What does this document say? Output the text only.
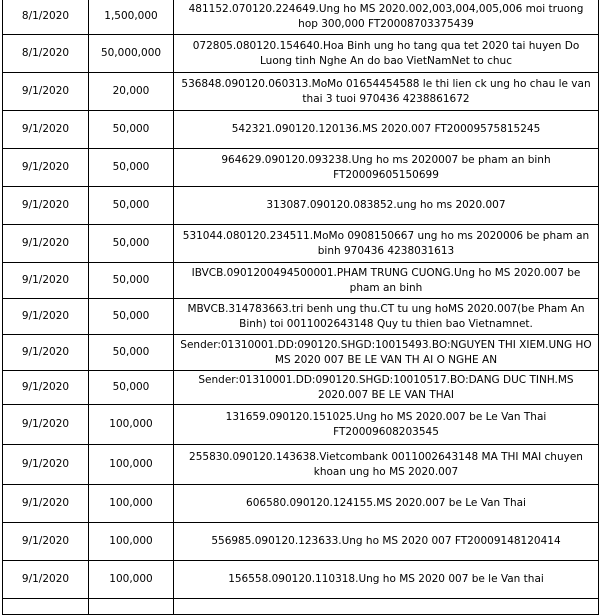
8/1/2020	1,500,000	481152.070120.224649.Ung ho MS 2020.002,003,004,005,006 moi truong hop 300,000 FT20008703375439
8/1/2020	50,000,000	072805.080120.154640.Hoa Binh ung ho tang qua tet 2020 tai huyen Do Luong tinh Nghe An do bao VietNamNet to chuc
9/1/2020	20,000	536848.090120.060313.MoMo 01654454588 le thi lien ck ung ho chau le van thai 3 tuoi 970436 4238861672
9/1/2020	50,000	542321.090120.120136.MS 2020.007 FT20009575815245
9/1/2020	50,000	964629.090120.093238.Ung ho ms 2020007 be pham an binh FT20009605150699
9/1/2020	50,000	313087.090120.083852.ung ho ms 2020.007
9/1/2020	50,000	531044.080120.234511.MoMo 0908150667 ung ho ms 2020006 be pham an binh 970436 4238031613
9/1/2020	50,000	IBVCB.0901200494500001.PHAM TRUNG CUONG.Ung ho MS 2020.007 be pham an binh
9/1/2020	50,000	MBVCB.314783663.tri benh ung thu.CT tu ung hoMS 2020.007(be Pham An Binh) toi 0011002643148 Quy tu thien bao Vietnamnet.
9/1/2020	50,000	Sender:01310001.DD:090120.SHGD:10015493.BO:NGUYEN THI XIEM.UNG HO MS 2020 007 BE LE VAN TH AI O NGHE AN
9/1/2020	50,000	Sender:01310001.DD:090120.SHGD:10010517.BO:DANG DUC TINH.MS 2020.007 BE LE VAN THAI
9/1/2020	100,000	131659.090120.151025.Ung ho MS 2020.007 be Le Van Thai FT20009608203545
9/1/2020	100,000	255830.090120.143638.Vietcombank 0011002643148 MA THI MAI chuyen khoan ung ho MS 2020.007
9/1/2020	100,000	606580.090120.124155.MS 2020.007 be Le Van Thai
9/1/2020	100,000	556985.090120.123633.Ung ho MS 2020 007 FT20009148120414
9/1/2020	100,000	156558.090120.110318.Ung ho MS 2020 007 be le Van thai
